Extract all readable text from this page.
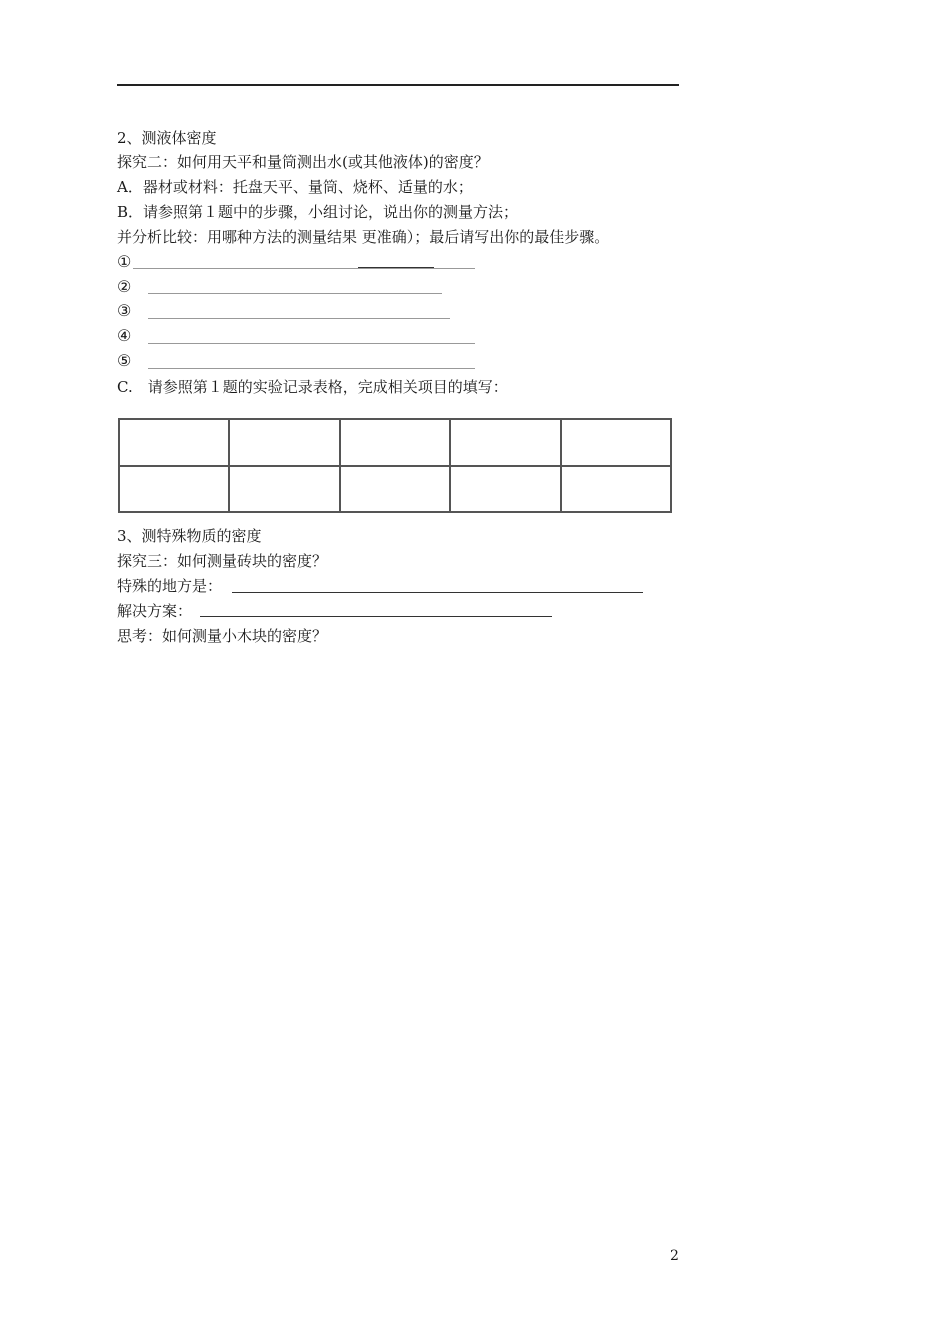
2、测液体密度
探究二：如何用天平和量筒测出水(或其他液体)的密度？
A．器材或材料：托盘天平、量筒、烧杯、适量的水；
B．请参照第１题中的步骤，小组讨论，说出你的测量方法；
并分析比较：用哪种方法的测量结果 更准确）；最后请写出你的最佳步骤。
①
②
③
④
⑤
C.　请参照第１题的实验记录表格，完成相关项目的填写：

3、测特殊物质的密度
探究三：如何测量砖块的密度？
特殊的地方是：
解决方案：
思考：如何测量小木块的密度？
2
